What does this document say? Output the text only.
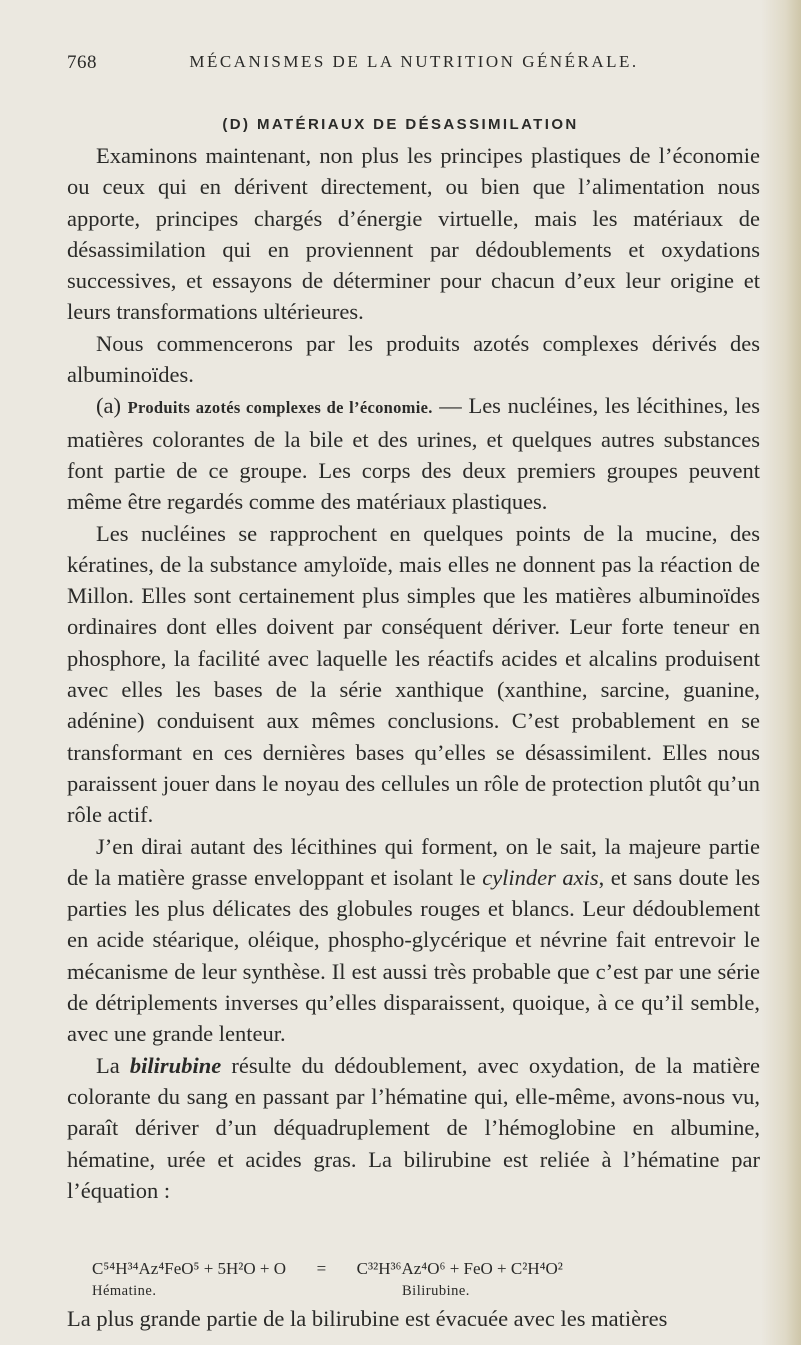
768	MÉCANISMES DE LA NUTRITION GÉNÉRALE.
(D) MATÉRIAUX DE DÉSASSIMILATION

Examinons maintenant, non plus les principes plastiques de l’économie ou ceux qui en dérivent directement, ou bien que l’alimentation nous apporte, principes chargés d’énergie virtuelle, mais les matériaux de désassimilation qui en proviennent par dédoublements et oxydations successives, et essayons de déterminer pour chacun d’eux leur origine et leurs transformations ultérieures.

Nous commencerons par les produits azotés complexes dérivés des albuminoïdes.

(a) Produits azotés complexes de l’économie. — Les nucléines, les lécithines, les matières colorantes de la bile et des urines, et quelques autres substances font partie de ce groupe. Les corps des deux premiers groupes peuvent même être regardés comme des matériaux plastiques.

Les nucléines se rapprochent en quelques points de la mucine, des kératines, de la substance amyloïde, mais elles ne donnent pas la réaction de Millon. Elles sont certainement plus simples que les matières albuminoïdes ordinaires dont elles doivent par conséquent dériver. Leur forte teneur en phosphore, la facilité avec laquelle les réactifs acides et alcalins produisent avec elles les bases de la série xanthique (xanthine, sarcine, guanine, adénine) conduisent aux mêmes conclusions. C’est probablement en se transformant en ces dernières bases qu’elles se désassimilent. Elles nous paraissent jouer dans le noyau des cellules un rôle de protection plutôt qu’un rôle actif.

J’en dirai autant des lécithines qui forment, on le sait, la majeure partie de la matière grasse enveloppant et isolant le cylinder axis, et sans doute les parties les plus délicates des globules rouges et blancs. Leur dédoublement en acide stéarique, oléique, phospho-glycérique et névrine fait entrevoir le mécanisme de leur synthèse. Il est aussi très probable que c’est par une série de détriplements inverses qu’elles disparaissent, quoique, à ce qu’il semble, avec une grande lenteur.

La bilirubine résulte du dédoublement, avec oxydation, de la matière colorante du sang en passant par l’hématine qui, elle-même, avons-nous vu, paraît dériver d’un déquadruplement de l’hémoglobine en albumine, hématine, urée et acides gras. La bilirubine est reliée à l’hématine par l’équation :

C⁵⁴H³⁴Az⁴FeO⁵ + 5H²O + O = C³²H³⁶Az⁴O⁶ + FeO + C²H⁴O²
Hématine.	Bilirubine.
La plus grande partie de la bilirubine est évacuée avec les matières
